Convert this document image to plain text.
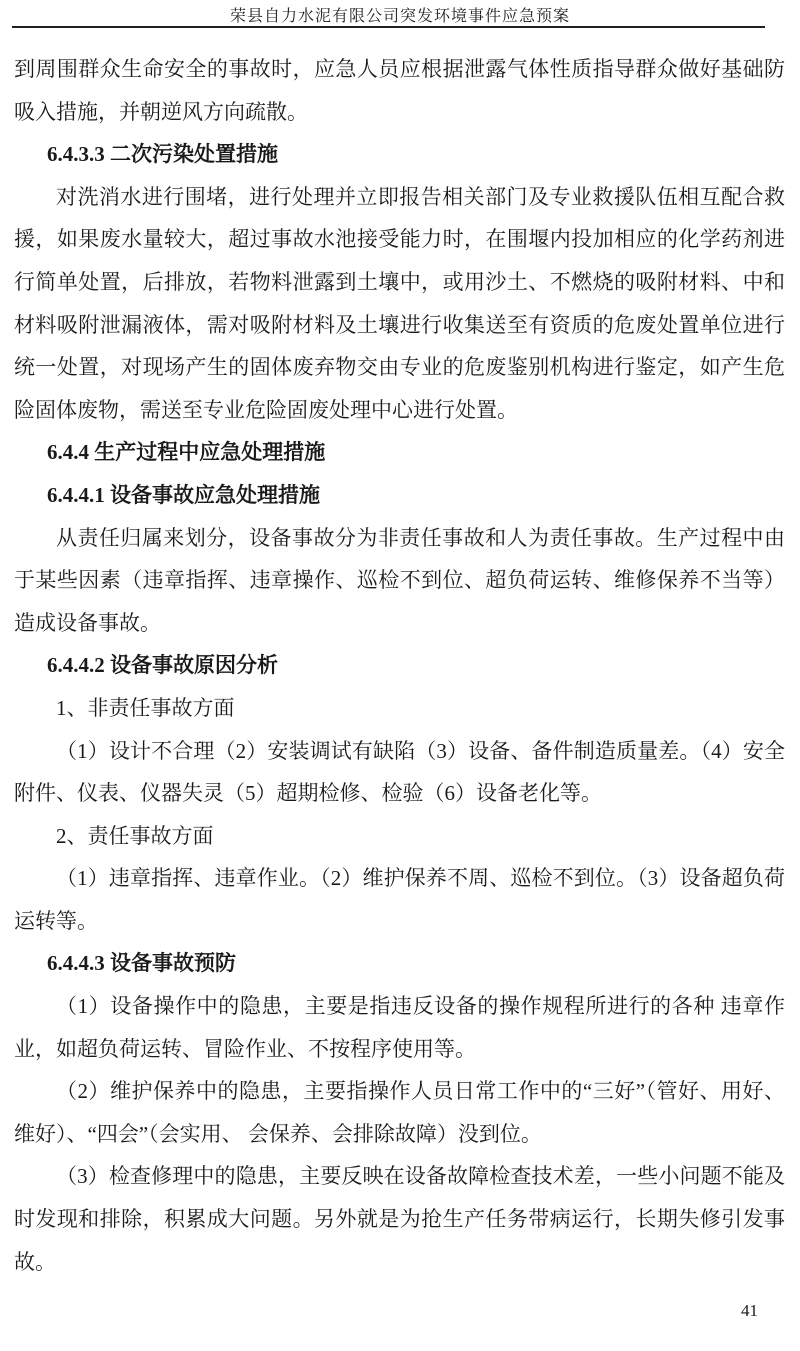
荣县自力水泥有限公司突发环境事件应急预案

到周围群众生命安全的事故时，应急人员应根据泄露气体性质指导群众做好基础防吸入措施，并朝逆风方向疏散。

6.4.3.3 二次污染处置措施

对洗消水进行围堵，进行处理并立即报告相关部门及专业救援队伍相互配合救援，如果废水量较大，超过事故水池接受能力时，在围堰内投加相应的化学药剂进行简单处置，后排放，若物料泄露到土壤中，或用沙土、不燃烧的吸附材料、中和材料吸附泄漏液体，需对吸附材料及土壤进行收集送至有资质的危废处置单位进行统一处置，对现场产生的固体废弃物交由专业的危废鉴别机构进行鉴定，如产生危险固体废物，需送至专业危险固废处理中心进行处置。

6.4.4 生产过程中应急处理措施

6.4.4.1 设备事故应急处理措施

从责任归属来划分，设备事故分为非责任事故和人为责任事故。生产过程中由于某些因素（违章指挥、违章操作、巡检不到位、超负荷运转、维修保养不当等）造成设备事故。

6.4.4.2 设备事故原因分析

1、非责任事故方面

（1）设计不合理（2）安装调试有缺陷（3）设备、备件制造质量差。（4）安全附件、仪表、仪器失灵（5）超期检修、检验（6）设备老化等。

2、责任事故方面

（1）违章指挥、违章作业。（2）维护保养不周、巡检不到位。（3）设备超负荷运转等。

6.4.4.3 设备事故预防

（1）设备操作中的隐患，主要是指违反设备的操作规程所进行的各种 违章作业，如超负荷运转、冒险作业、不按程序使用等。

（2）维护保养中的隐患，主要指操作人员日常工作中的“三好”（管好、用好、维好）、“四会”（会实用、 会保养、会排除故障）没到位。

（3）检查修理中的隐患，主要反映在设备故障检查技术差，一些小问题不能及时发现和排除，积累成大问题。另外就是为抢生产任务带病运行，长期失修引发事故。

41
